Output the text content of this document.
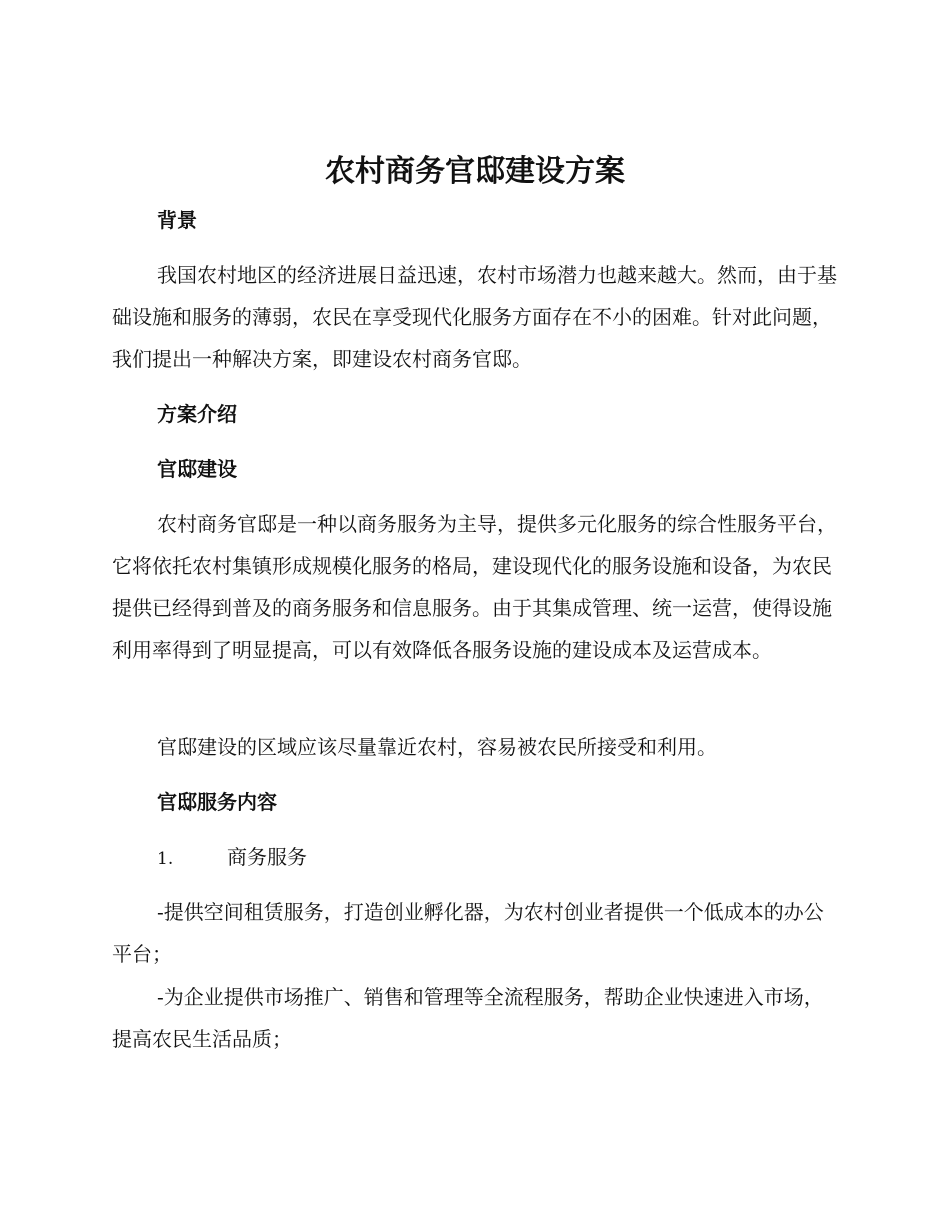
农村商务官邸建设方案
背景

我国农村地区的经济进展日益迅速，农村市场潜力也越来越大。然而，由于基础设施和服务的薄弱，农民在享受现代化服务方面存在不小的困难。针对此问题，我们提出一种解决方案，即建设农村商务官邸。

方案介绍
官邸建设

农村商务官邸是一种以商务服务为主导，提供多元化服务的综合性服务平台，它将依托农村集镇形成规模化服务的格局，建设现代化的服务设施和设备，为农民提供已经得到普及的商务服务和信息服务。由于其集成管理、统一运营，使得设施利用率得到了明显提高，可以有效降低各服务设施的建设成本及运营成本。

官邸建设的区域应该尽量靠近农村，容易被农民所接受和利用。

官邸服务内容
1.	商务服务

-提供空间租赁服务，打造创业孵化器，为农村创业者提供一个低成本的办公平台；

-为企业提供市场推广、销售和管理等全流程服务，帮助企业快速进入市场，提高农民生活品质；
